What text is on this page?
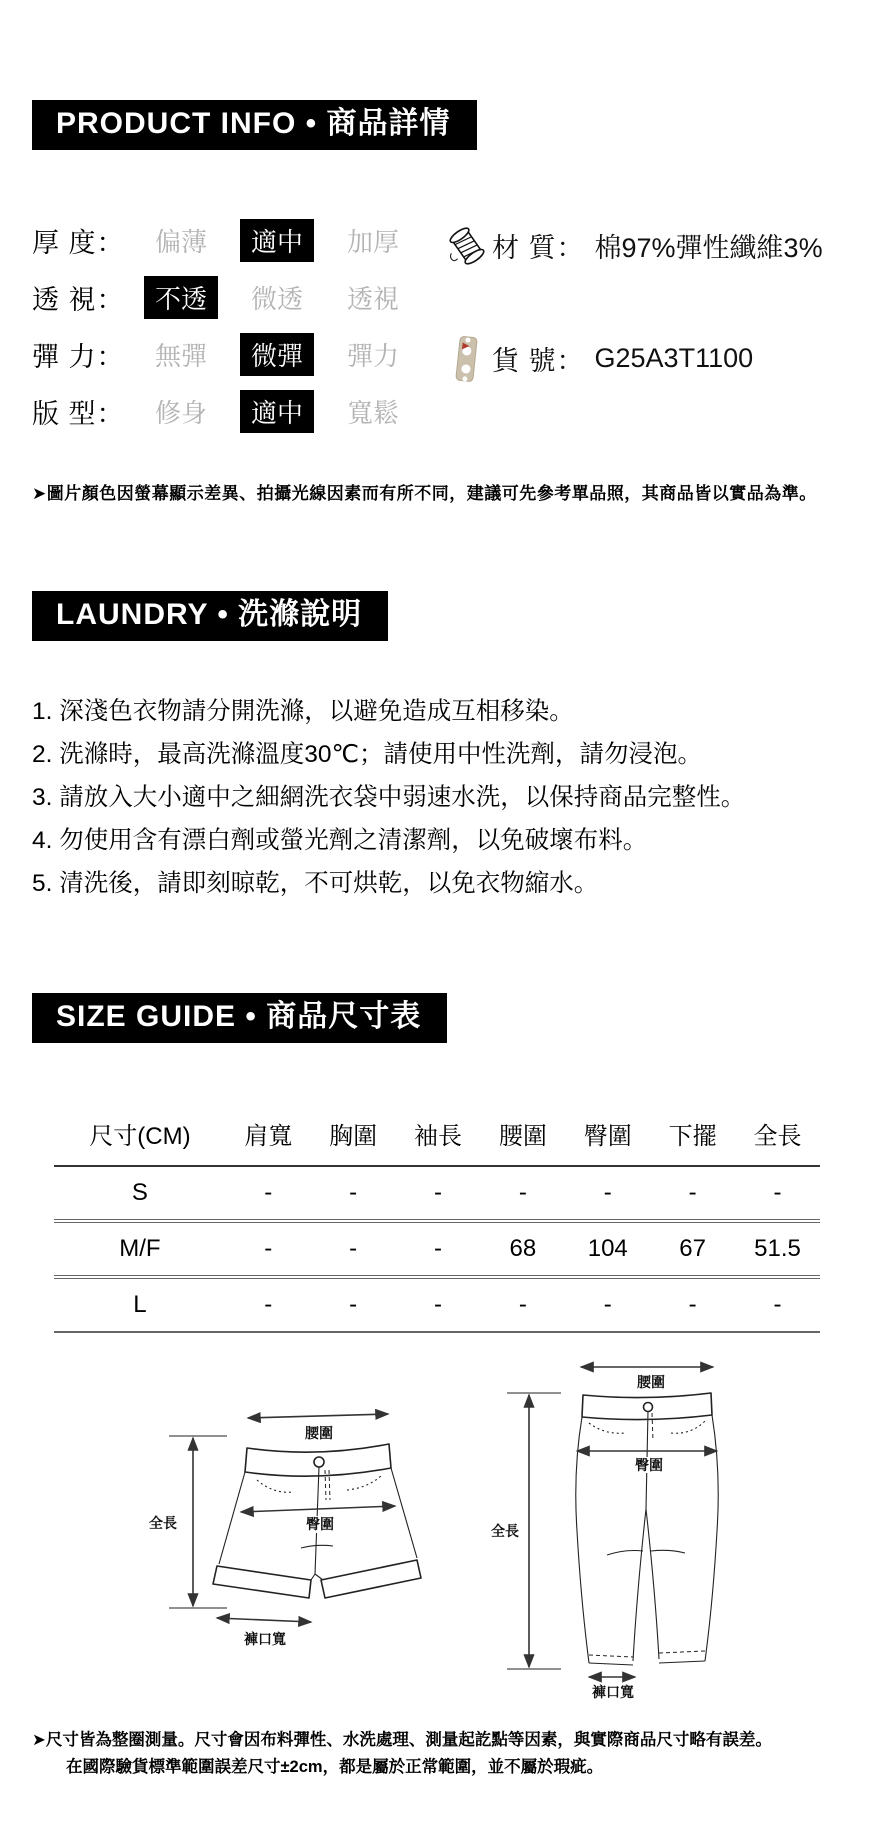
PRODUCT INFO • 商品詳情
厚 度：	偏薄	適中	加厚
透 視：	不透	微透	透視
彈 力：	無彈	微彈	彈力
版 型：	修身	適中	寬鬆
材 質： 棉97%彈性纖維3%
貨 號： G25A3T1100
➤圖片顏色因螢幕顯示差異、拍攝光線因素而有所不同，建議可先參考單品照，其商品皆以實品為準。
LAUNDRY • 洗滌說明
1. 深淺色衣物請分開洗滌，以避免造成互相移染。
2. 洗滌時，最高洗滌溫度30℃；請使用中性洗劑，請勿浸泡。
3. 請放入大小適中之細網洗衣袋中弱速水洗，以保持商品完整性。
4. 勿使用含有漂白劑或螢光劑之清潔劑，以免破壞布料。
5. 清洗後，請即刻晾乾，不可烘乾，以免衣物縮水。
SIZE GUIDE • 商品尺寸表
尺寸(CM)	肩寬	胸圍	袖長	腰圍	臀圍	下擺	全長
S	-	-	-	-	-	-	-
M/F	-	-	-	68	104	67	51.5
L	-	-	-	-	-	-	-
全長
腰圍
臀圍
褲口寬
全長
腰圍
臀圍
褲口寬
➤尺寸皆為整圈測量。尺寸會因布料彈性、水洗處理、測量起訖點等因素，與實際商品尺寸略有誤差。
在國際驗貨標準範圍誤差尺寸±2cm，都是屬於正常範圍，並不屬於瑕疵。
